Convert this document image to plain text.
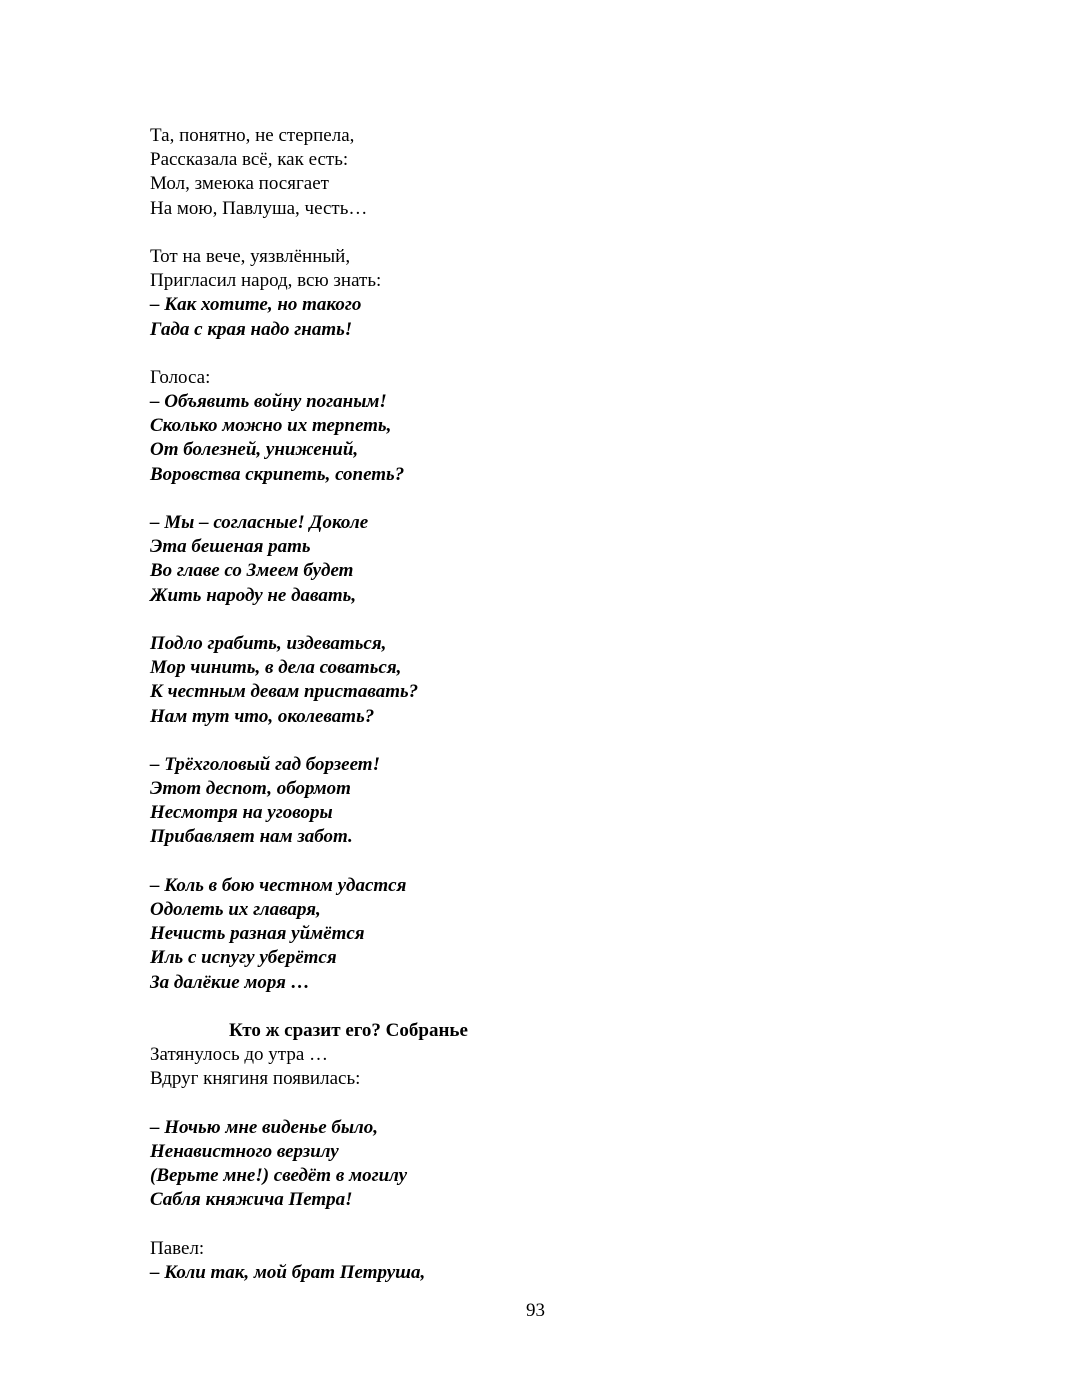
Та, понятно, не стерпела,
Рассказала всё, как есть:
Мол, змеюка посягает
На мою, Павлуша, честь…
Тот на вече, уязвлённый,
Пригласил народ, всю знать:
– Как хотите, но такого
Гада с края надо гнать!
Голоса:
– Объявить войну поганым!
Сколько можно их терпеть,
От болезней, унижений,
Воровства скрипеть, сопеть?
– Мы – согласные! Доколе
Эта бешеная рать
Во главе со Змеем будет
Жить народу не давать,
Подло грабить, издеваться,
Мор чинить, в дела соваться,
К честным девам приставать?
Нам тут что, околевать?
– Трёхголовый гад борзеет!
Этот деспот, обормот
Несмотря на уговоры
Прибавляет нам забот.
– Коль в бою честном удастся
Одолеть их главаря,
Нечисть разная уймётся
Иль с испугу уберётся
За далёкие моря …
Кто ж сразит его? Собранье
Затянулось до утра …
Вдруг княгиня появилась:
– Ночью мне виденье было,
Ненавистного верзилу
(Верьте мне!) сведёт в могилу
Сабля княжича Петра!
Павел:
– Коли так, мой брат Петруша,
93
